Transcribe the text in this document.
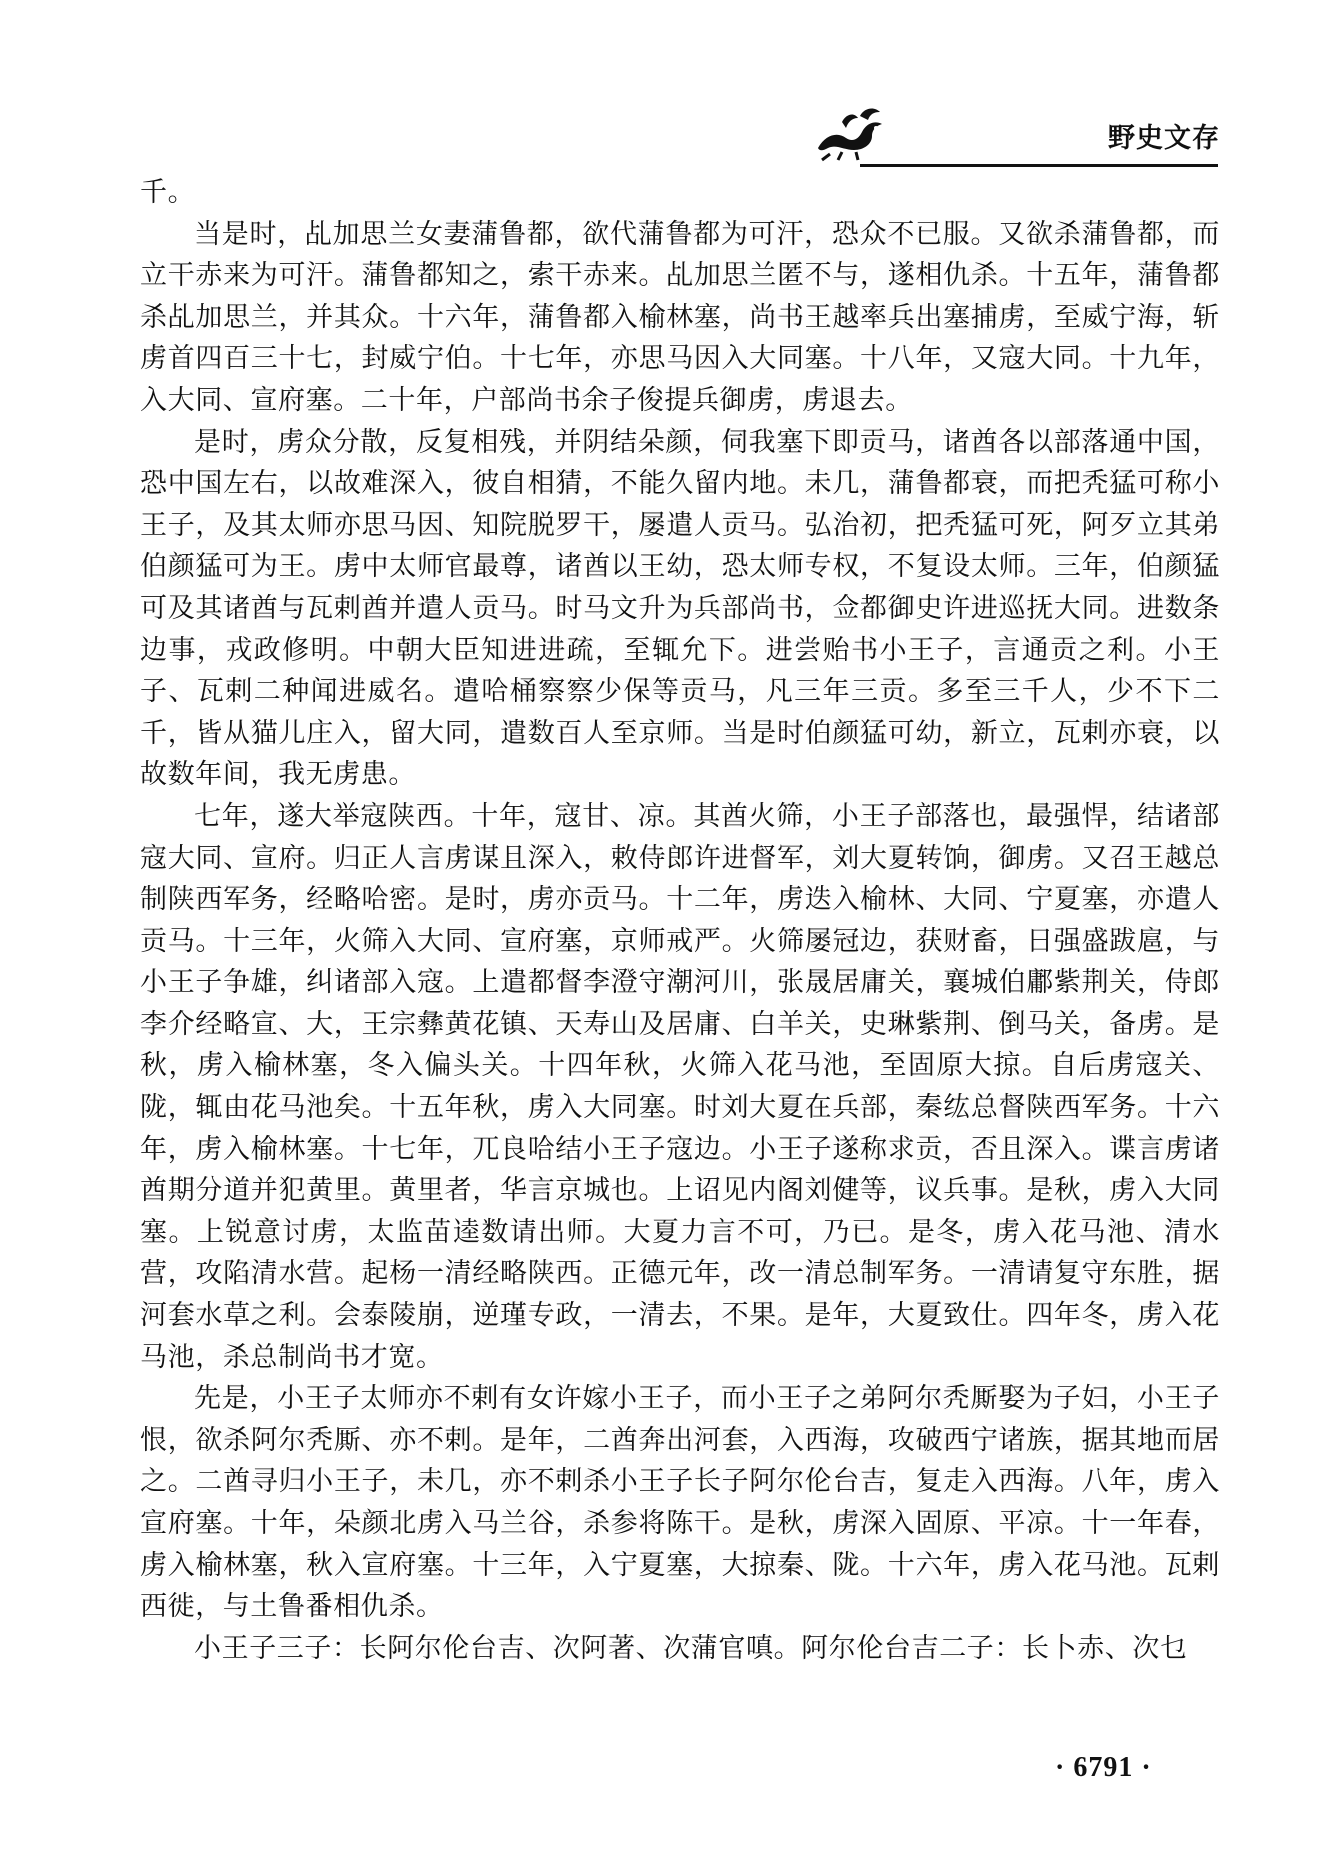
野史文存

千。

当是时，乩加思兰女妻蒲鲁都，欲代蒲鲁都为可汗，恐众不已服。又欲杀蒲鲁都，而立干赤来为可汗。蒲鲁都知之，索干赤来。乩加思兰匿不与，遂相仇杀。十五年，蒲鲁都杀乩加思兰，并其众。十六年，蒲鲁都入榆林塞，尚书王越率兵出塞捕虏，至威宁海，斩虏首四百三十七，封威宁伯。十七年，亦思马因入大同塞。十八年，又寇大同。十九年，入大同、宣府塞。二十年，户部尚书余子俊提兵御虏，虏退去。

是时，虏众分散，反复相残，并阴结朵颜，伺我塞下即贡马，诸酋各以部落通中国，恐中国左右，以故难深入，彼自相猜，不能久留内地。未几，蒲鲁都衰，而把秃猛可称小王子，及其太师亦思马因、知院脱罗干，屡遣人贡马。弘治初，把秃猛可死，阿歹立其弟伯颜猛可为王。虏中太师官最尊，诸酋以王幼，恐太师专权，不复设太师。三年，伯颜猛可及其诸酋与瓦剌酋并遣人贡马。时马文升为兵部尚书，佥都御史许进巡抚大同。进数条边事，戎政修明。中朝大臣知进进疏，至辄允下。进尝贻书小王子，言通贡之利。小王子、瓦剌二种闻进威名。遣哈桶察察少保等贡马，凡三年三贡。多至三千人，少不下二千，皆从猫儿庄入，留大同，遣数百人至京师。当是时伯颜猛可幼，新立，瓦剌亦衰，以故数年间，我无虏患。

七年，遂大举寇陕西。十年，寇甘、凉。其酋火筛，小王子部落也，最强悍，结诸部寇大同、宣府。归正人言虏谋且深入，敕侍郎许进督军，刘大夏转饷，御虏。又召王越总制陕西军务，经略哈密。是时，虏亦贡马。十二年，虏迭入榆林、大同、宁夏塞，亦遣人贡马。十三年，火筛入大同、宣府塞，京师戒严。火筛屡冠边，获财畜，日强盛跋扈，与小王子争雄，纠诸部入寇。上遣都督李澄守潮河川，张晟居庸关，襄城伯鄘紫荆关，侍郎李介经略宣、大，王宗彝黄花镇、天寿山及居庸、白羊关，史琳紫荆、倒马关，备虏。是秋，虏入榆林塞，冬入偏头关。十四年秋，火筛入花马池，至固原大掠。自后虏寇关、陇，辄由花马池矣。十五年秋，虏入大同塞。时刘大夏在兵部，秦纮总督陕西军务。十六年，虏入榆林塞。十七年，兀良哈结小王子寇边。小王子遂称求贡，否且深入。谍言虏诸酋期分道并犯黄里。黄里者，华言京城也。上诏见内阁刘健等，议兵事。是秋，虏入大同塞。上锐意讨虏，太监苗逵数请出师。大夏力言不可，乃已。是冬，虏入花马池、清水营，攻陷清水营。起杨一清经略陕西。正德元年，改一清总制军务。一清请复守东胜，据河套水草之利。会泰陵崩，逆瑾专政，一清去，不果。是年，大夏致仕。四年冬，虏入花马池，杀总制尚书才宽。

先是，小王子太师亦不剌有女许嫁小王子，而小王子之弟阿尔秃厮娶为子妇，小王子恨，欲杀阿尔秃厮、亦不剌。是年，二酋奔出河套，入西海，攻破西宁诸族，据其地而居之。二酋寻归小王子，未几，亦不剌杀小王子长子阿尔伦台吉，复走入西海。八年，虏入宣府塞。十年，朵颜北虏入马兰谷，杀参将陈干。是秋，虏深入固原、平凉。十一年春，虏入榆林塞，秋入宣府塞。十三年，入宁夏塞，大掠秦、陇。十六年，虏入花马池。瓦剌西徙，与土鲁番相仇杀。

小王子三子：长阿尔伦台吉、次阿著、次蒲官嗔。阿尔伦台吉二子：长卜赤、次乜

· 6791 ·
